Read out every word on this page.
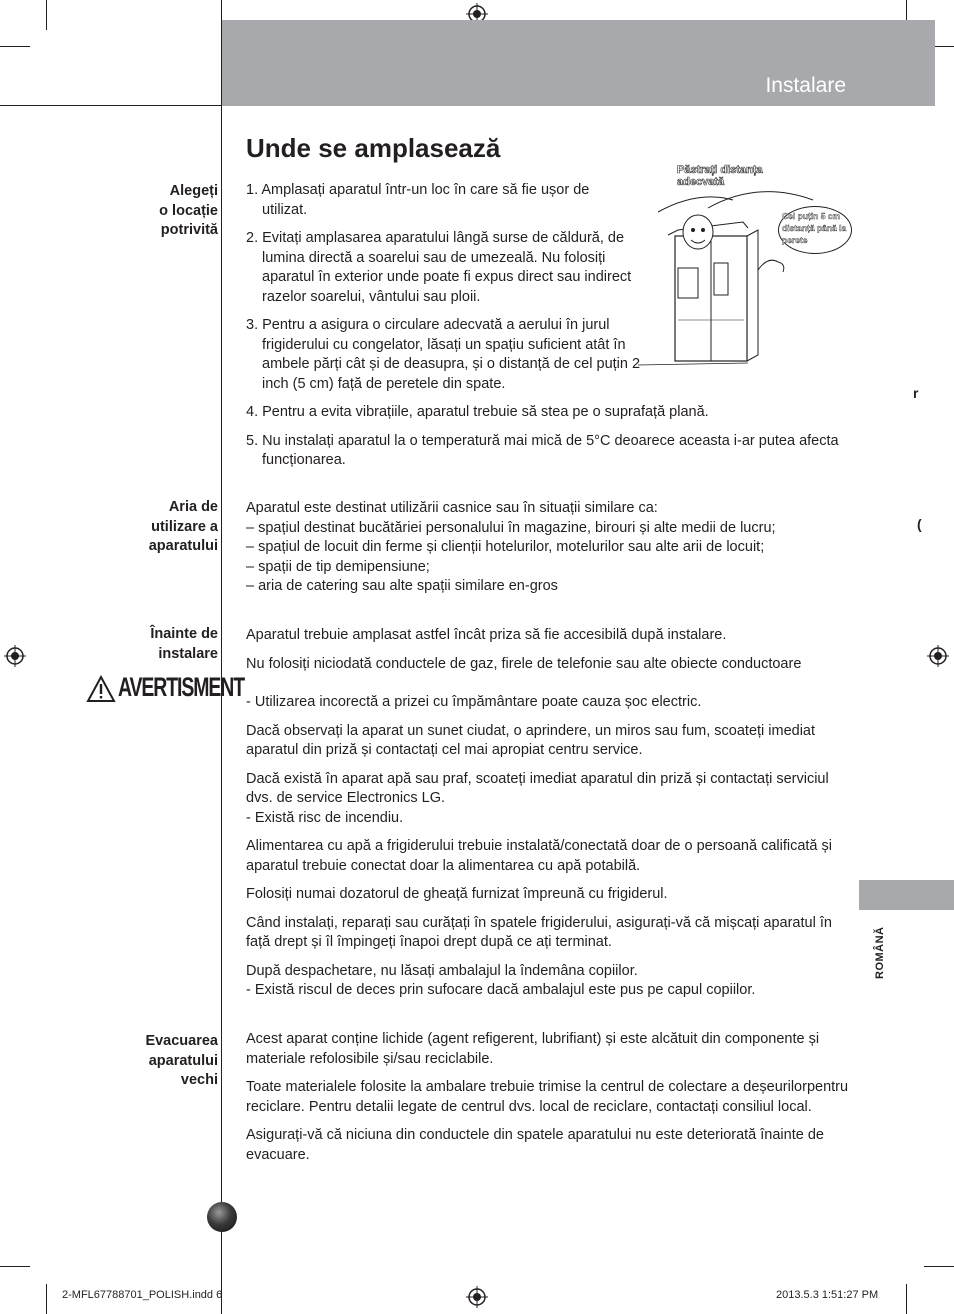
Instalare
Unde se amplasează
Păstrați distanța adecvată
Cel puțin 5 cm distanță până la perete
Alegeți
o locație
potrivită
1. Amplasați aparatul într-un loc în care să fie ușor de utilizat.
2. Evitați amplasarea aparatului lângă surse de căldură, de lumina directă a soarelui sau de umezeală. Nu folosiți aparatul în exterior unde poate fi expus direct sau indirect razelor soarelui, vântului sau ploii.
3. Pentru a asigura o circulare adecvată a aerului în jurul frigiderului cu congelator, lăsați un spațiu suficient atât în ambele părți cât și de deasupra, și o distanță de cel puțin 2 inch (5 cm) față de peretele din spate.
4. Pentru a evita vibrațiile, aparatul trebuie să stea pe o suprafață plană.
5. Nu instalați aparatul la o temperatură mai mică de 5°C deoarece aceasta i-ar putea afecta funcționarea.
Aria de
utilizare a
aparatului
Aparatul este destinat utilizării casnice sau în situații similare ca:
– spațiul destinat bucătăriei personalului în magazine, birouri și alte medii de lucru;
– spațiul de locuit din ferme și clienții hotelurilor, motelurilor sau alte arii de locuit;
– spații de tip demipensiune;
– aria de catering sau alte spații similare en-gros
Înainte de
instalare
AVERTISMENT

Aparatul trebuie amplasat astfel încât priza să fie accesibilă după instalare.

Nu folosiți niciodată conductele de gaz, firele de telefonie sau alte obiecte conductoare

- Utilizarea incorectă a prizei cu împământare poate cauza șoc electric.

Dacă observați la aparat un sunet ciudat, o aprindere, un miros sau fum, scoateți imediat aparatul din priză și contactați cel mai apropiat centru service.

Dacă există în aparat apă sau praf, scoateți imediat aparatul din priză și contactați serviciul dvs. de service Electronics LG.
- Există risc de incendiu.

Alimentarea cu apă a frigiderului trebuie instalată/conectată doar de o persoană calificată și aparatul trebuie conectat doar la alimentarea cu apă potabilă.

Folosiți numai dozatorul de gheață furnizat împreună cu frigiderul.

Când instalați, reparați sau curățați în spatele frigiderului, asigurați-vă că mișcați aparatul în față drept și îl împingeți înapoi drept după ce ați terminat.

După despachetare, nu lăsați ambalajul la îndemâna copiilor.
- Există riscul de deces prin sufocare dacă ambalajul este pus pe capul copiilor.

Evacuarea
aparatului
vechi

Acest aparat conține lichide (agent refigerent, lubrifiant) și este alcătuit din componente și materiale refolosibile și/sau reciclabile.

Toate materialele folosite la ambalare trebuie trimise la centrul de colectare a deșeurilorpentru reciclare. Pentru detalii legate de centrul dvs. local de reciclare, contactați consiliul local.

Asigurați-vă că niciuna din conductele din spatele aparatului nu este deteriorată înainte de evacuare.

r
(
ROMÂNĂ
2-MFL67788701_POLISH.indd 6	2013.5.3 1:51:27 PM
